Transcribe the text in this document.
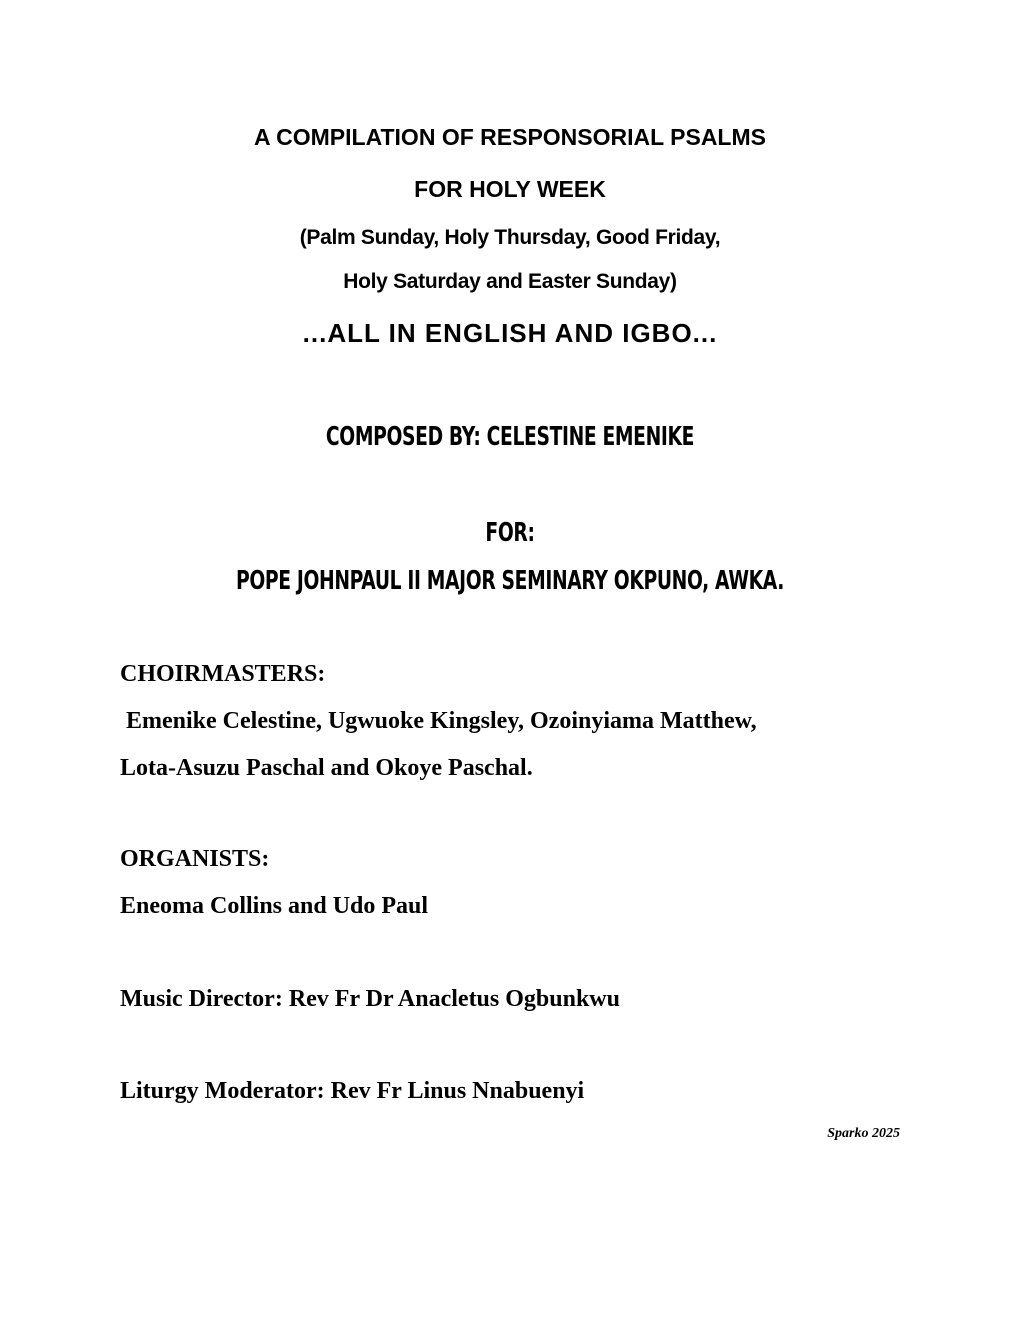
A COMPILATION OF RESPONSORIAL PSALMS
FOR HOLY WEEK
(Palm Sunday, Holy Thursday, Good Friday,
Holy Saturday and Easter Sunday)
...ALL IN ENGLISH AND IGBO...
COMPOSED BY: CELESTINE EMENIKE
FOR:
POPE JOHNPAUL II MAJOR SEMINARY OKPUNO, AWKA.
CHOIRMASTERS:
Emenike Celestine, Ugwuoke Kingsley, Ozoinyiama Matthew,
Lota-Asuzu Paschal and Okoye Paschal.
ORGANISTS:
Eneoma Collins and Udo Paul
Music Director: Rev Fr Dr Anacletus Ogbunkwu
Liturgy Moderator: Rev Fr Linus Nnabuenyi
Sparko 2025
